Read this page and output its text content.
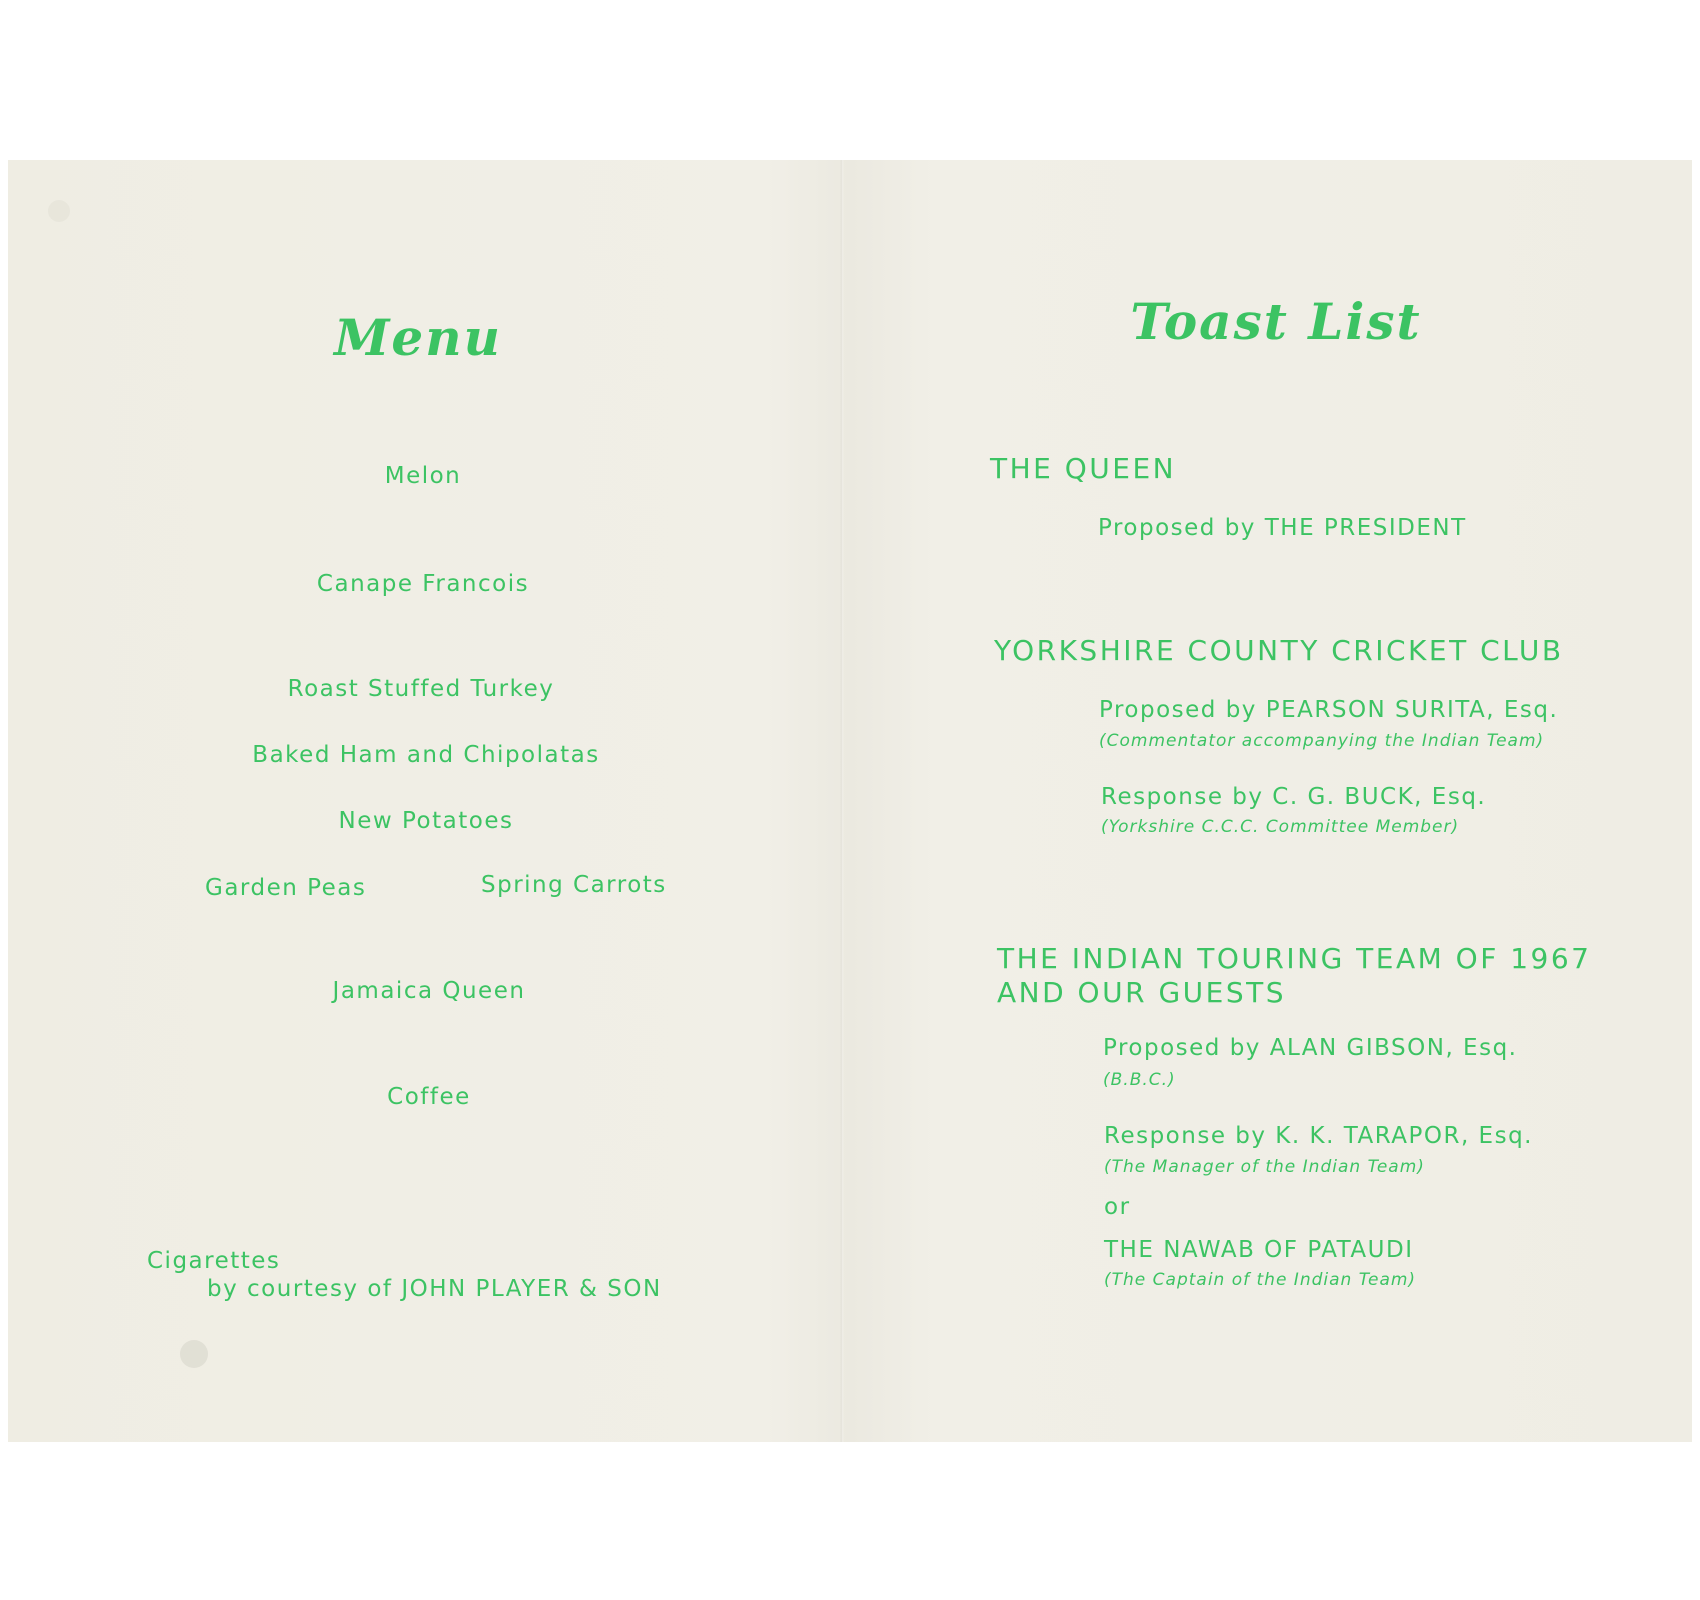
Menu
Melon
Canape Francois
Roast Stuffed Turkey
Baked Ham and Chipolatas
New Potatoes
Garden Peas	Spring Carrots
Jamaica Queen
Coffee
Cigarettes
by courtesy of JOHN PLAYER & SON
Toast List
THE QUEEN
Proposed by THE PRESIDENT
YORKSHIRE COUNTY CRICKET CLUB
Proposed by PEARSON SURITA, Esq.
(Commentator accompanying the Indian Team)
Response by C. G. BUCK, Esq.
(Yorkshire C.C.C. Committee Member)
THE INDIAN TOURING TEAM OF 1967
AND OUR GUESTS
Proposed by ALAN GIBSON, Esq.
(B.B.C.)
Response by K. K. TARAPOR, Esq.
(The Manager of the Indian Team)
or
THE NAWAB OF PATAUDI
(The Captain of the Indian Team)
